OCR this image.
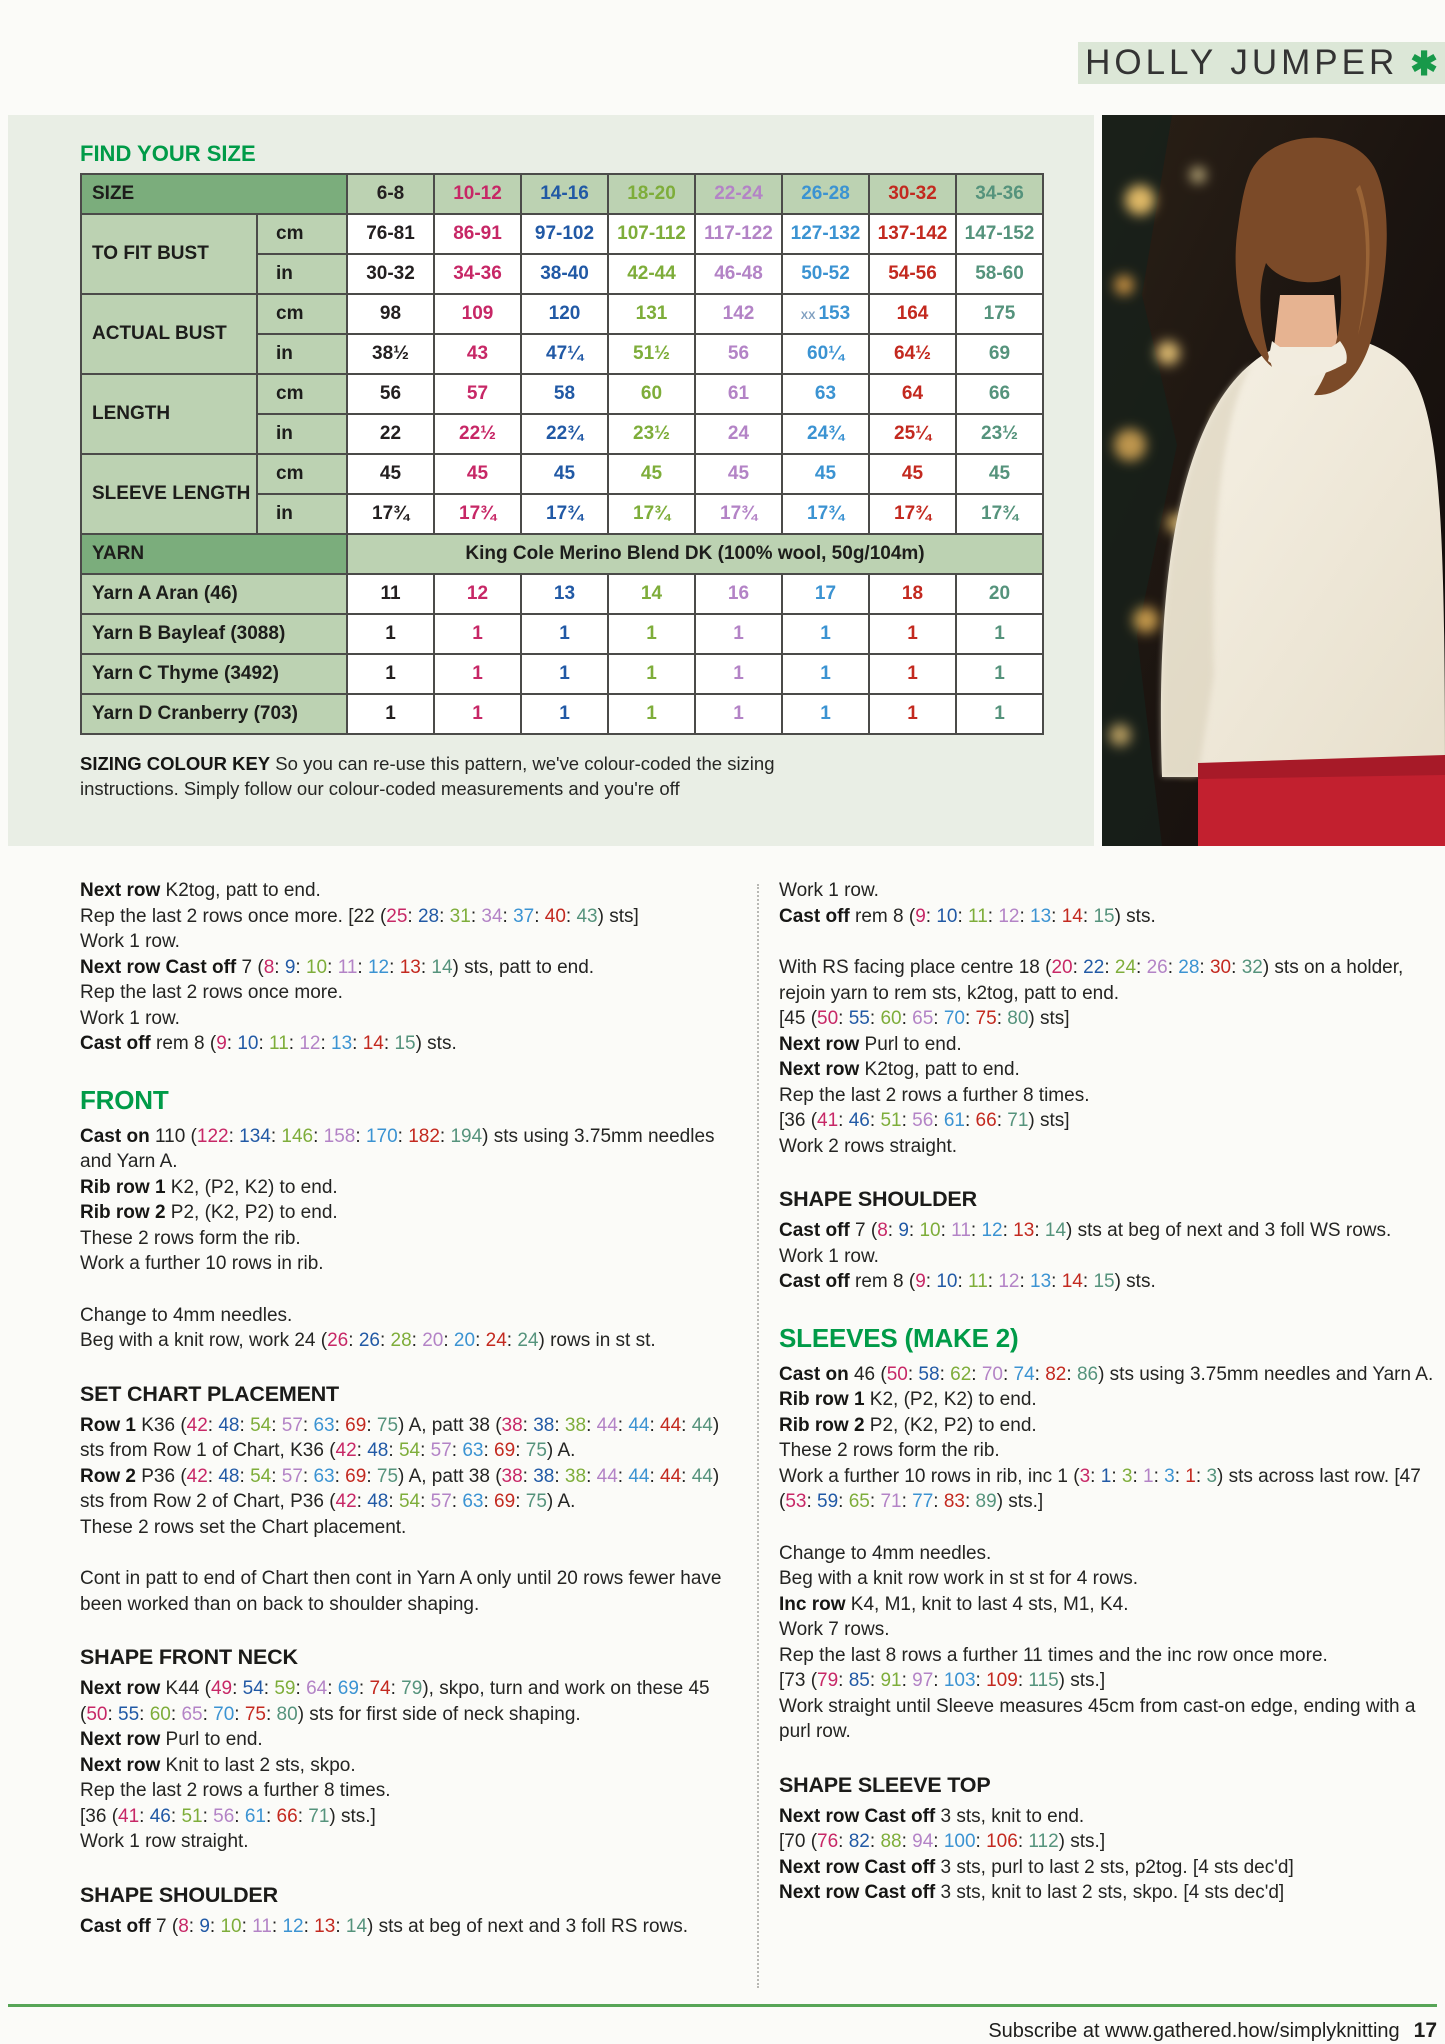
HOLLY JUMPER ✱
FIND YOUR SIZE
SIZE		6-8	10-12	14-16	18-20	22-24	26-28	30-32	34-36
TO FIT BUST	cm	76-81	86-91	97-102	107-112	117-122	127-132	137-142	147-152
	in	30-32	34-36	38-40	42-44	46-48	50-52	54-56	58-60
ACTUAL BUST	cm	98	109	120	131	142	XX 153	164	175
	in	38½	43	47¼	51½	56	60¼	64½	69
LENGTH	cm	56	57	58	60	61	63	64	66
	in	22	22½	22¾	23½	24	24¾	25¼	23½
SLEEVE LENGTH	cm	45	45	45	45	45	45	45	45
	in	17¾	17¾	17¾	17¾	17¾	17¾	17¾	17¾
YARN		King Cole Merino Blend DK (100% wool, 50g/104m)							
Yarn A Aran (46)		11	12	13	14	16	17	18	20
Yarn B Bayleaf (3088)		1	1	1	1	1	1	1	1
Yarn C Thyme (3492)		1	1	1	1	1	1	1	1
Yarn D Cranberry (703)		1	1	1	1	1	1	1	1
SIZING COLOUR KEY So you can re-use this pattern, we've colour-coded the sizing instructions. Simply follow our colour-coded measurements and you're off
Next row K2tog, patt to end.
Rep the last 2 rows once more. [22 (25: 28: 31: 34: 37: 40: 43) sts]
Work 1 row.
Next row Cast off 7 (8: 9: 10: 11: 12: 13: 14) sts, patt to end.
Rep the last 2 rows once more.
Work 1 row.
Cast off rem 8 (9: 10: 11: 12: 13: 14: 15) sts.
FRONT
Cast on 110 (122: 134: 146: 158: 170: 182: 194) sts using 3.75mm needles and Yarn A.
Rib row 1 K2, (P2, K2) to end.
Rib row 2 P2, (K2, P2) to end.
These 2 rows form the rib.
Work a further 10 rows in rib.
Change to 4mm needles.
Beg with a knit row, work 24 (26: 26: 28: 20: 20: 24: 24) rows in st st.
SET CHART PLACEMENT
Row 1 K36 (42: 48: 54: 57: 63: 69: 75) A, patt 38 (38: 38: 38: 44: 44: 44: 44) sts from Row 1 of Chart, K36 (42: 48: 54: 57: 63: 69: 75) A.
Row 2 P36 (42: 48: 54: 57: 63: 69: 75) A, patt 38 (38: 38: 38: 44: 44: 44: 44) sts from Row 2 of Chart, P36 (42: 48: 54: 57: 63: 69: 75) A.
These 2 rows set the Chart placement.
Cont in patt to end of Chart then cont in Yarn A only until 20 rows fewer have been worked than on back to shoulder shaping.
SHAPE FRONT NECK
Next row K44 (49: 54: 59: 64: 69: 74: 79), skpo, turn and work on these 45 (50: 55: 60: 65: 70: 75: 80) sts for first side of neck shaping.
Next row Purl to end.
Next row Knit to last 2 sts, skpo.
Rep the last 2 rows a further 8 times.
[36 (41: 46: 51: 56: 61: 66: 71) sts.]
Work 1 row straight.
SHAPE SHOULDER
Cast off 7 (8: 9: 10: 11: 12: 13: 14) sts at beg of next and 3 foll RS rows.
Work 1 row.
Cast off rem 8 (9: 10: 11: 12: 13: 14: 15) sts.
With RS facing place centre 18 (20: 22: 24: 26: 28: 30: 32) sts on a holder, rejoin yarn to rem sts, k2tog, patt to end.
[45 (50: 55: 60: 65: 70: 75: 80) sts]
Next row Purl to end.
Next row K2tog, patt to end.
Rep the last 2 rows a further 8 times.
[36 (41: 46: 51: 56: 61: 66: 71) sts]
Work 2 rows straight.
SHAPE SHOULDER
Cast off 7 (8: 9: 10: 11: 12: 13: 14) sts at beg of next and 3 foll WS rows.
Work 1 row.
Cast off rem 8 (9: 10: 11: 12: 13: 14: 15) sts.
SLEEVES (MAKE 2)
Cast on 46 (50: 58: 62: 70: 74: 82: 86) sts using 3.75mm needles and Yarn A.
Rib row 1 K2, (P2, K2) to end.
Rib row 2 P2, (K2, P2) to end.
These 2 rows form the rib.
Work a further 10 rows in rib, inc 1 (3: 1: 3: 1: 3: 1: 3) sts across last row. [47 (53: 59: 65: 71: 77: 83: 89) sts.]
Change to 4mm needles.
Beg with a knit row work in st st for 4 rows.
Inc row K4, M1, knit to last 4 sts, M1, K4.
Work 7 rows.
Rep the last 8 rows a further 11 times and the inc row once more.
[73 (79: 85: 91: 97: 103: 109: 115) sts.]
Work straight until Sleeve measures 45cm from cast-on edge, ending with a purl row.
SHAPE SLEEVE TOP
Next row Cast off 3 sts, knit to end.
[70 (76: 82: 88: 94: 100: 106: 112) sts.]
Next row Cast off 3 sts, purl to last 2 sts, p2tog. [4 sts dec'd]
Next row Cast off 3 sts, knit to last 2 sts, skpo. [4 sts dec'd]
Subscribe at www.gathered.how/simplyknitting 17
